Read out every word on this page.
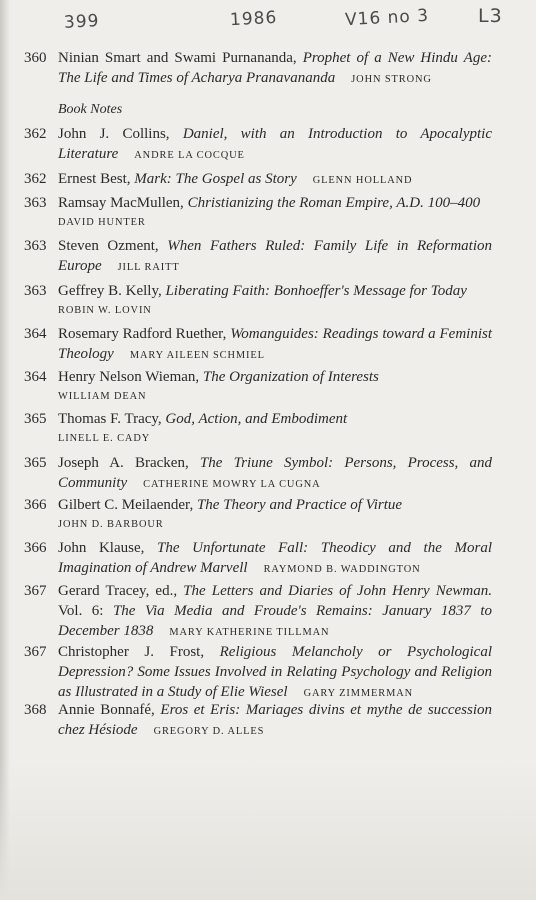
399	1986	V16 no 3	L3
360 Ninian Smart and Swami Purnananda, Prophet of a New Hindu Age: The Life and Times of Acharya Pranavananda JOHN STRONG
Book Notes
362 John J. Collins, Daniel, with an Introduction to Apocalyptic Literature ANDRE LA COCQUE
362 Ernest Best, Mark: The Gospel as Story GLENN HOLLAND
363 Ramsay MacMullen, Christianizing the Roman Empire, A.D. 100–400
DAVID HUNTER
363 Steven Ozment, When Fathers Ruled: Family Life in Reformation Europe JILL RAITT
363 Geffrey B. Kelly, Liberating Faith: Bonhoeffer's Message for Today
ROBIN W. LOVIN
364 Rosemary Radford Ruether, Womanguides: Readings toward a Feminist Theology MARY AILEEN SCHMIEL
364 Henry Nelson Wieman, The Organization of Interests
WILLIAM DEAN
365 Thomas F. Tracy, God, Action, and Embodiment
LINELL E. CADY
365 Joseph A. Bracken, The Triune Symbol: Persons, Process, and Community CATHERINE MOWRY LA CUGNA
366 Gilbert C. Meilaender, The Theory and Practice of Virtue
JOHN D. BARBOUR
366 John Klause, The Unfortunate Fall: Theodicy and the Moral Imagination of Andrew Marvell RAYMOND B. WADDINGTON
367 Gerard Tracey, ed., The Letters and Diaries of John Henry Newman. Vol. 6: The Via Media and Froude's Remains: January 1837 to December 1838 MARY KATHERINE TILLMAN
367 Christopher J. Frost, Religious Melancholy or Psychological Depression? Some Issues Involved in Relating Psychology and Religion as Illustrated in a Study of Elie Wiesel GARY ZIMMERMAN
368 Annie Bonnafé, Eros et Eris: Mariages divins et mythe de succession chez Hésiode GREGORY D. ALLES
